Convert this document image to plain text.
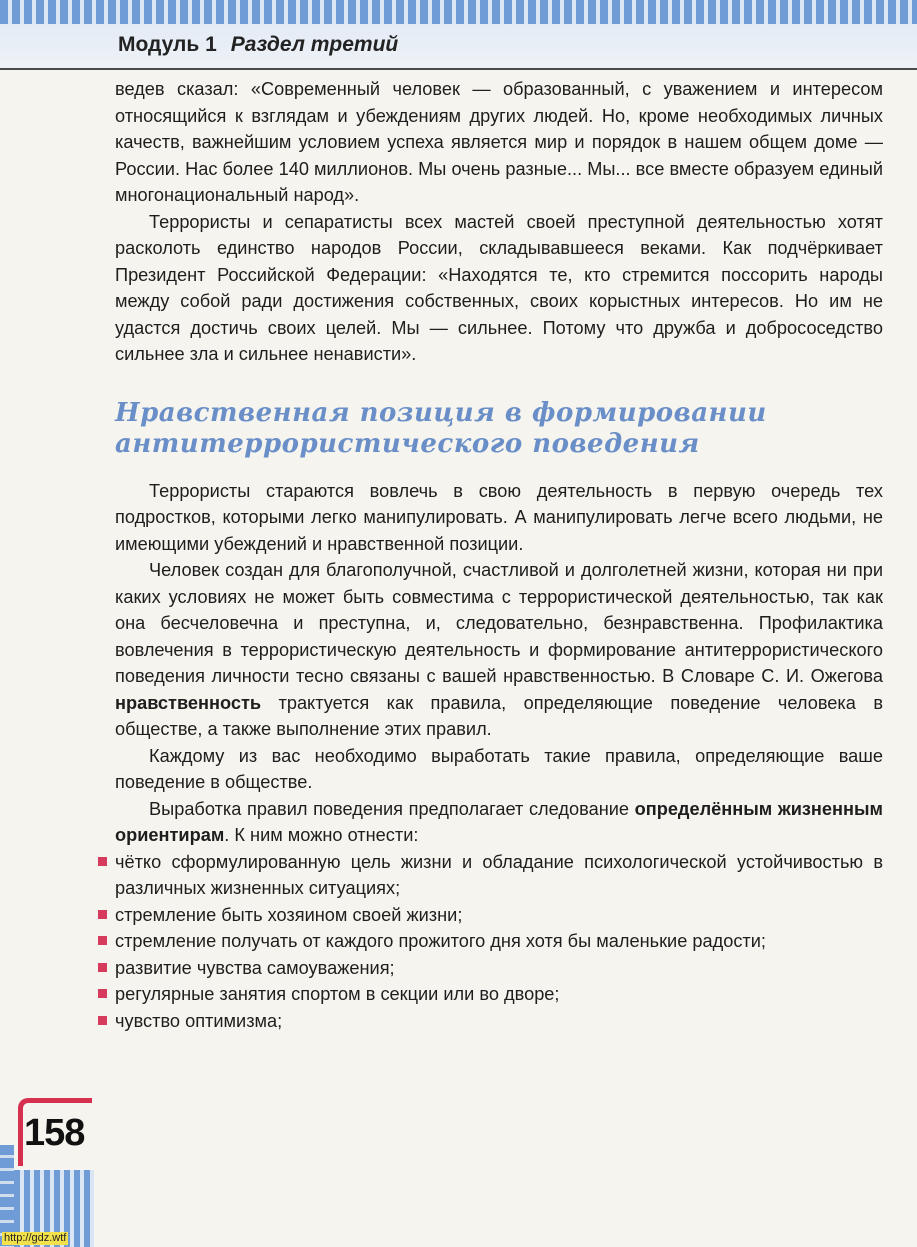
Модуль 1 Раздел третий

ведев сказал: «Современный человек — образованный, с уважением и интересом относящийся к взглядам и убеждениям других людей. Но, кроме необходимых личных качеств, важнейшим условием успеха является мир и порядок в нашем общем доме — России. Нас более 140 миллионов. Мы очень разные... Мы... все вместе образуем единый многонациональный народ».

Террористы и сепаратисты всех мастей своей преступной деятельностью хотят расколоть единство народов России, складывавшееся веками. Как подчёркивает Президент Российской Федерации: «Находятся те, кто стремится поссорить народы между собой ради достижения собственных, своих корыстных интересов. Но им не удастся достичь своих целей. Мы — сильнее. Потому что дружба и добрососедство сильнее зла и сильнее ненависти».

Нравственная позиция в формировании
антитеррористического поведения

Террористы стараются вовлечь в свою деятельность в первую очередь тех подростков, которыми легко манипулировать. А манипулировать легче всего людьми, не имеющими убеждений и нравственной позиции.

Человек создан для благополучной, счастливой и долголетней жизни, которая ни при каких условиях не может быть совместима с террористической деятельностью, так как она бесчеловечна и преступна, и, следовательно, безнравственна. Профилактика вовлечения в террористическую деятельность и формирование антитеррористического поведения личности тесно связаны с вашей нравственностью. В Словаре С. И. Ожегова нравственность трактуется как правила, определяющие поведение человека в обществе, а также выполнение этих правил.

Каждому из вас необходимо выработать такие правила, определяющие ваше поведение в обществе.

Выработка правил поведения предполагает следование определённым жизненным ориентирам. К ним можно отнести:

чётко сформулированную цель жизни и обладание психологической устойчивостью в различных жизненных ситуациях;
стремление быть хозяином своей жизни;
стремление получать от каждого прожитого дня хотя бы маленькие радости;
развитие чувства самоуважения;
регулярные занятия спортом в секции или во дворе;
чувство оптимизма;
158
http://gdz.wtf
